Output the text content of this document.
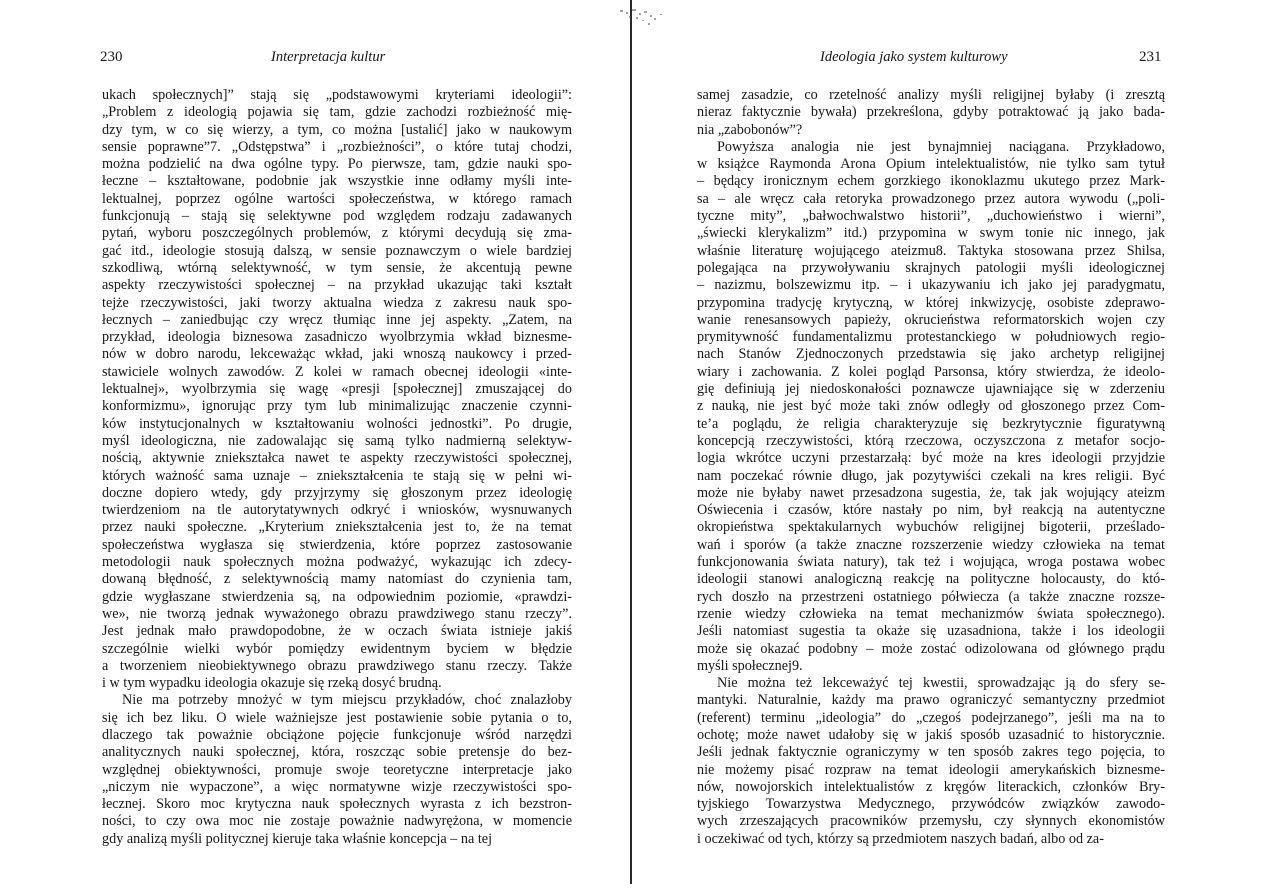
230	Interpretacja kultur
ukach społecznych]” stają się „podstawowymi kryteriami ideologii”:
„Problem z ideologią pojawia się tam, gdzie zachodzi rozbieżność mię-
dzy tym, w co się wierzy, a tym, co można [ustalić] jako w naukowym
sensie poprawne”7. „Odstępstwa” i „rozbieżności”, o które tutaj chodzi,
można podzielić na dwa ogólne typy. Po pierwsze, tam, gdzie nauki spo-
łeczne – kształtowane, podobnie jak wszystkie inne odłamy myśli inte-
lektualnej, poprzez ogólne wartości społeczeństwa, w którego ramach
funkcjonują – stają się selektywne pod względem rodzaju zadawanych
pytań, wyboru poszczególnych problemów, z którymi decydują się zma-
gać itd., ideologie stosują dalszą, w sensie poznawczym o wiele bardziej
szkodliwą, wtórną selektywność, w tym sensie, że akcentują pewne
aspekty rzeczywistości społecznej – na przykład ukazując taki kształt
tejże rzeczywistości, jaki tworzy aktualna wiedza z zakresu nauk spo-
łecznych – zaniedbując czy wręcz tłumiąc inne jej aspekty. „Zatem, na
przykład, ideologia biznesowa zasadniczo wyolbrzymia wkład biznesme-
nów w dobro narodu, lekceważąc wkład, jaki wnoszą naukowcy i przed-
stawiciele wolnych zawodów. Z kolei w ramach obecnej ideologii «inte-
lektualnej», wyolbrzymia się wagę «presji [społecznej] zmuszającej do
konformizmu», ignorując przy tym lub minimalizując znaczenie czynni-
ków instytucjonalnych w kształtowaniu wolności jednostki”. Po drugie,
myśl ideologiczna, nie zadowalając się samą tylko nadmierną selektyw-
nością, aktywnie zniekształca nawet te aspekty rzeczywistości społecznej,
których ważność sama uznaje – zniekształcenia te stają się w pełni wi-
doczne dopiero wtedy, gdy przyjrzymy się głoszonym przez ideologię
twierdzeniom na tle autorytatywnych odkryć i wniosków, wysnuwanych
przez nauki społeczne. „Kryterium zniekształcenia jest to, że na temat
społeczeństwa wygłasza się stwierdzenia, które poprzez zastosowanie
metodologii nauk społecznych można podważyć, wykazując ich zdecy-
dowaną błędność, z selektywnością mamy natomiast do czynienia tam,
gdzie wygłaszane stwierdzenia są, na odpowiednim poziomie, «prawdzi-
we», nie tworzą jednak wyważonego obrazu prawdziwego stanu rzeczy”.
Jest jednak mało prawdopodobne, że w oczach świata istnieje jakiś
szczególnie wielki wybór pomiędzy ewidentnym byciem w błędzie
a tworzeniem nieobiektywnego obrazu prawdziwego stanu rzeczy. Także
i w tym wypadku ideologia okazuje się rzeką dosyć brudną.
Nie ma potrzeby mnożyć w tym miejscu przykładów, choć znalazłoby
się ich bez liku. O wiele ważniejsze jest postawienie sobie pytania o to,
dlaczego tak poważnie obciążone pojęcie funkcjonuje wśród narzędzi
analitycznych nauki społecznej, która, roszcząc sobie pretensje do bez-
względnej obiektywności, promuje swoje teoretyczne interpretacje jako
„niczym nie wypaczone”, a więc normatywne wizje rzeczywistości spo-
łecznej. Skoro moc krytyczna nauk społecznych wyrasta z ich bezstron-
ności, to czy owa moc nie zostaje poważnie nadwyrężona, w momencie
gdy analizą myśli politycznej kieruje taka właśnie koncepcja – na tej
Ideologia jako system kulturowy	231
samej zasadzie, co rzetelność analizy myśli religijnej byłaby (i zresztą
nieraz faktycznie bywała) przekreślona, gdyby potraktować ją jako bada-
nia „zabobonów”?
Powyższa analogia nie jest bynajmniej naciągana. Przykładowo,
w książce Raymonda Arona Opium intelektualistów, nie tylko sam tytuł
– będący ironicznym echem gorzkiego ikonoklazmu ukutego przez Mark-
sa – ale wręcz cała retoryka prowadzonego przez autora wywodu („poli-
tyczne mity”, „bałwochwalstwo historii”, „duchowieństwo i wierni”,
„świecki klerykalizm” itd.) przypomina w swym tonie nic innego, jak
właśnie literaturę wojującego ateizmu8. Taktyka stosowana przez Shilsa,
polegająca na przywoływaniu skrajnych patologii myśli ideologicznej
– nazizmu, bolszewizmu itp. – i ukazywaniu ich jako jej paradygmatu,
przypomina tradycję krytyczną, w której inkwizycję, osobiste zdeprawo-
wanie renesansowych papieży, okrucieństwa reformatorskich wojen czy
prymitywność fundamentalizmu protestanckiego w południowych regio-
nach Stanów Zjednoczonych przedstawia się jako archetyp religijnej
wiary i zachowania. Z kolei pogląd Parsonsa, który stwierdza, że ideolo-
gię definiują jej niedoskonałości poznawcze ujawniające się w zderzeniu
z nauką, nie jest być może taki znów odległy od głoszonego przez Com-
te’a poglądu, że religia charakteryzuje się bezkrytycznie figuratywną
koncepcją rzeczywistości, którą rzeczowa, oczyszczona z metafor socjo-
logia wkrótce uczyni przestarzałą: być może na kres ideologii przyjdzie
nam poczekać równie długo, jak pozytywiści czekali na kres religii. Być
może nie byłaby nawet przesadzona sugestia, że, tak jak wojujący ateizm
Oświecenia i czasów, które nastały po nim, był reakcją na autentyczne
okropieństwa spektakularnych wybuchów religijnej bigoterii, prześlado-
wań i sporów (a także znaczne rozszerzenie wiedzy człowieka na temat
funkcjonowania świata natury), tak też i wojująca, wroga postawa wobec
ideologii stanowi analogiczną reakcję na polityczne holocausty, do któ-
rych doszło na przestrzeni ostatniego półwiecza (a także znaczne rozsze-
rzenie wiedzy człowieka na temat mechanizmów świata społecznego).
Jeśli natomiast sugestia ta okaże się uzasadniona, także i los ideologii
może się okazać podobny – może zostać odizolowana od głównego prądu
myśli społecznej9.
Nie można też lekceważyć tej kwestii, sprowadzając ją do sfery se-
mantyki. Naturalnie, każdy ma prawo ograniczyć semantyczny przedmiot
(referent) terminu „ideologia” do „czegoś podejrzanego”, jeśli ma na to
ochotę; może nawet udałoby się w jakiś sposób uzasadnić to historycznie.
Jeśli jednak faktycznie ograniczymy w ten sposób zakres tego pojęcia, to
nie możemy pisać rozpraw na temat ideologii amerykańskich biznesme-
nów, nowojorskich intelektualistów z kręgów literackich, członków Bry-
tyjskiego Towarzystwa Medycznego, przywódców związków zawodo-
wych zrzeszających pracowników przemysłu, czy słynnych ekonomistów
i oczekiwać od tych, którzy są przedmiotem naszych badań, albo od za-
